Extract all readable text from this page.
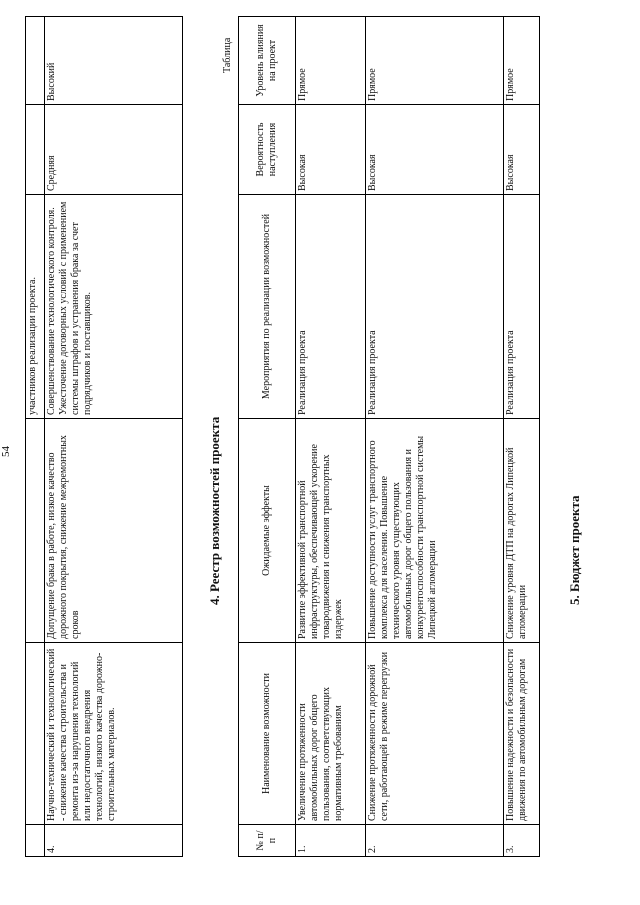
54
			участников реализации проекта.		
4.	Научно-технический и технологический - снижение качества строительства и ремонта из-за нарушения технологий или недостаточного внедрения технологий, низкого качества дорожно-строительных материалов.	Допущение брака в работе, низкое качество дорожного покрытия, снижение межремонтных сроков	Совершенствование технологического контроля. Ужесточение договорных условий с применением системы штрафов и устранения брака за счет подрядчиков и поставщиков.	Средняя	Высокий
4. Реестр возможностей проекта
Таблица
№ п/п	Наименование возможности	Ожидаемые эффекты	Мероприятия по реализации возможностей	Вероятность наступления	Уровень влияния на проект
1.	Увеличение протяженности автомобильных дорог общего пользования, соответствующих нормативным требованиям	Развитие эффективной транспортной инфраструктуры, обеспечивающей ускорение товародвижения и снижения транспортных издержек	Реализация проекта	Высокая	Прямое
2.	Снижение протяженности дорожной сети, работающей в режиме перегрузки	Повышение доступности услуг транспортного комплекса для населения. Повышение технического уровня существующих автомобильных дорог общего пользования и конкурентоспособности транспортной системы Липецкой агломерации	Реализация проекта	Высокая	Прямое
3.	Повышение надежности и безопасности движения по автомобильным дорогам	Снижение уровня ДТП на дорогах Липецкой агломерации	Реализация проекта	Высокая	Прямое
5. Бюджет проекта
